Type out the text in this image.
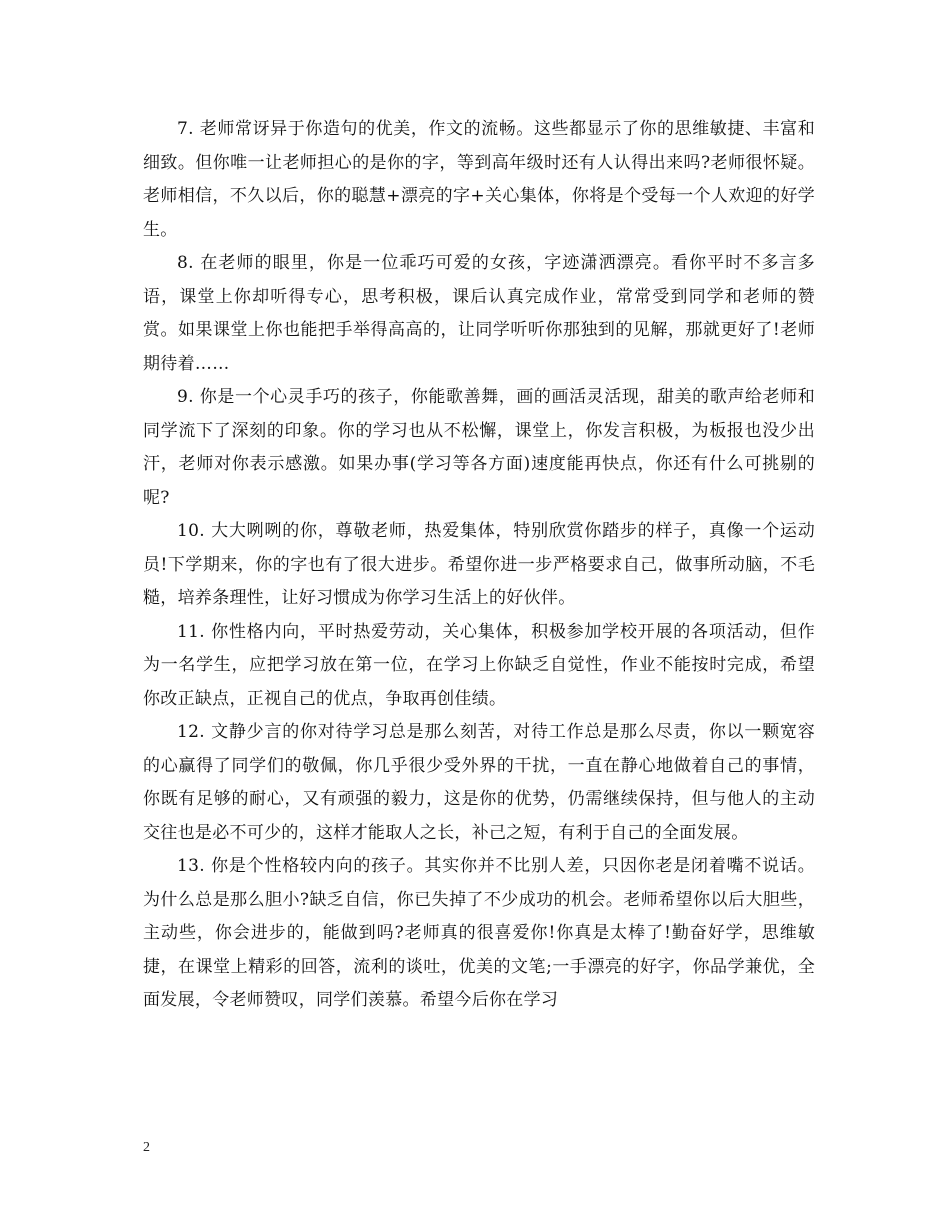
7. 老师常讶异于你造句的优美，作文的流畅。这些都显示了你的思维敏捷、丰富和细致。但你唯一让老师担心的是你的字，等到高年级时还有人认得出来吗?老师很怀疑。老师相信，不久以后，你的聪慧+漂亮的字+关心集体，你将是个受每一个人欢迎的好学生。

8. 在老师的眼里，你是一位乖巧可爱的女孩，字迹潇洒漂亮。看你平时不多言多语，课堂上你却听得专心，思考积极，课后认真完成作业，常常受到同学和老师的赞赏。如果课堂上你也能把手举得高高的，让同学听听你那独到的见解，那就更好了!老师期待着……

9. 你是一个心灵手巧的孩子，你能歌善舞，画的画活灵活现，甜美的歌声给老师和同学流下了深刻的印象。你的学习也从不松懈，课堂上，你发言积极，为板报也没少出汗，老师对你表示感激。如果办事(学习等各方面)速度能再快点，你还有什么可挑剔的呢?

10. 大大咧咧的你，尊敬老师，热爱集体，特别欣赏你踏步的样子，真像一个运动员!下学期来，你的字也有了很大进步。希望你进一步严格要求自己，做事所动脑，不毛糙，培养条理性，让好习惯成为你学习生活上的好伙伴。

11. 你性格内向，平时热爱劳动，关心集体，积极参加学校开展的各项活动，但作为一名学生，应把学习放在第一位，在学习上你缺乏自觉性，作业不能按时完成，希望你改正缺点，正视自己的优点，争取再创佳绩。

12. 文静少言的你对待学习总是那么刻苦，对待工作总是那么尽责，你以一颗宽容的心赢得了同学们的敬佩，你几乎很少受外界的干扰，一直在静心地做着自己的事情，你既有足够的耐心，又有顽强的毅力，这是你的优势，仍需继续保持，但与他人的主动交往也是必不可少的，这样才能取人之长，补己之短，有利于自己的全面发展。

13. 你是个性格较内向的孩子。其实你并不比别人差，只因你老是闭着嘴不说话。为什么总是那么胆小?缺乏自信，你已失掉了不少成功的机会。老师希望你以后大胆些，主动些，你会进步的，能做到吗?老师真的很喜爱你!你真是太棒了!勤奋好学，思维敏捷，在课堂上精彩的回答，流利的谈吐，优美的文笔;一手漂亮的好字，你品学兼优，全面发展，令老师赞叹，同学们羡慕。希望今后你在学习

2
